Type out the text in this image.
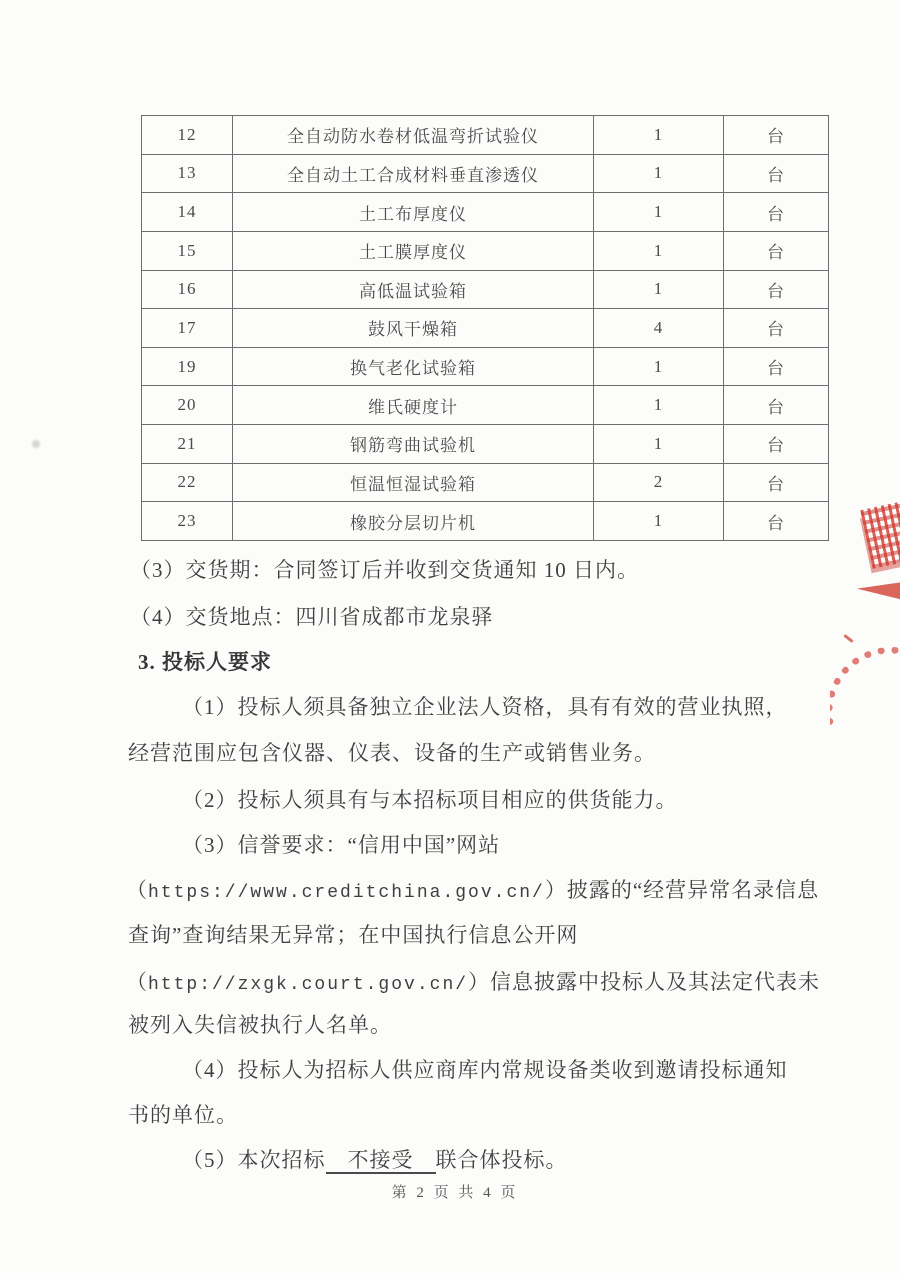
12	全自动防水卷材低温弯折试验仪	1	台
13	全自动土工合成材料垂直渗透仪	1	台
14	土工布厚度仪	1	台
15	土工膜厚度仪	1	台
16	高低温试验箱	1	台
17	鼓风干燥箱	4	台
19	换气老化试验箱	1	台
20	维氏硬度计	1	台
21	钢筋弯曲试验机	1	台
22	恒温恒湿试验箱	2	台
23	橡胶分层切片机	1	台
（3）交货期：合同签订后并收到交货通知 10 日内。
（4）交货地点：四川省成都市龙泉驿
3. 投标人要求
（1）投标人须具备独立企业法人资格，具有有效的营业执照，
经营范围应包含仪器、仪表、设备的生产或销售业务。
（2）投标人须具有与本招标项目相应的供货能力。
（3）信誉要求：“信用中国”网站
（https://www.creditchina.gov.cn/）披露的“经营异常名录信息
查询”查询结果无异常；在中国执行信息公开网
（http://zxgk.court.gov.cn/）信息披露中投标人及其法定代表未
被列入失信被执行人名单。
（4）投标人为招标人供应商库内常规设备类收到邀请投标通知
书的单位。
（5）本次招标 不接受 联合体投标。
第 2 页 共 4 页
